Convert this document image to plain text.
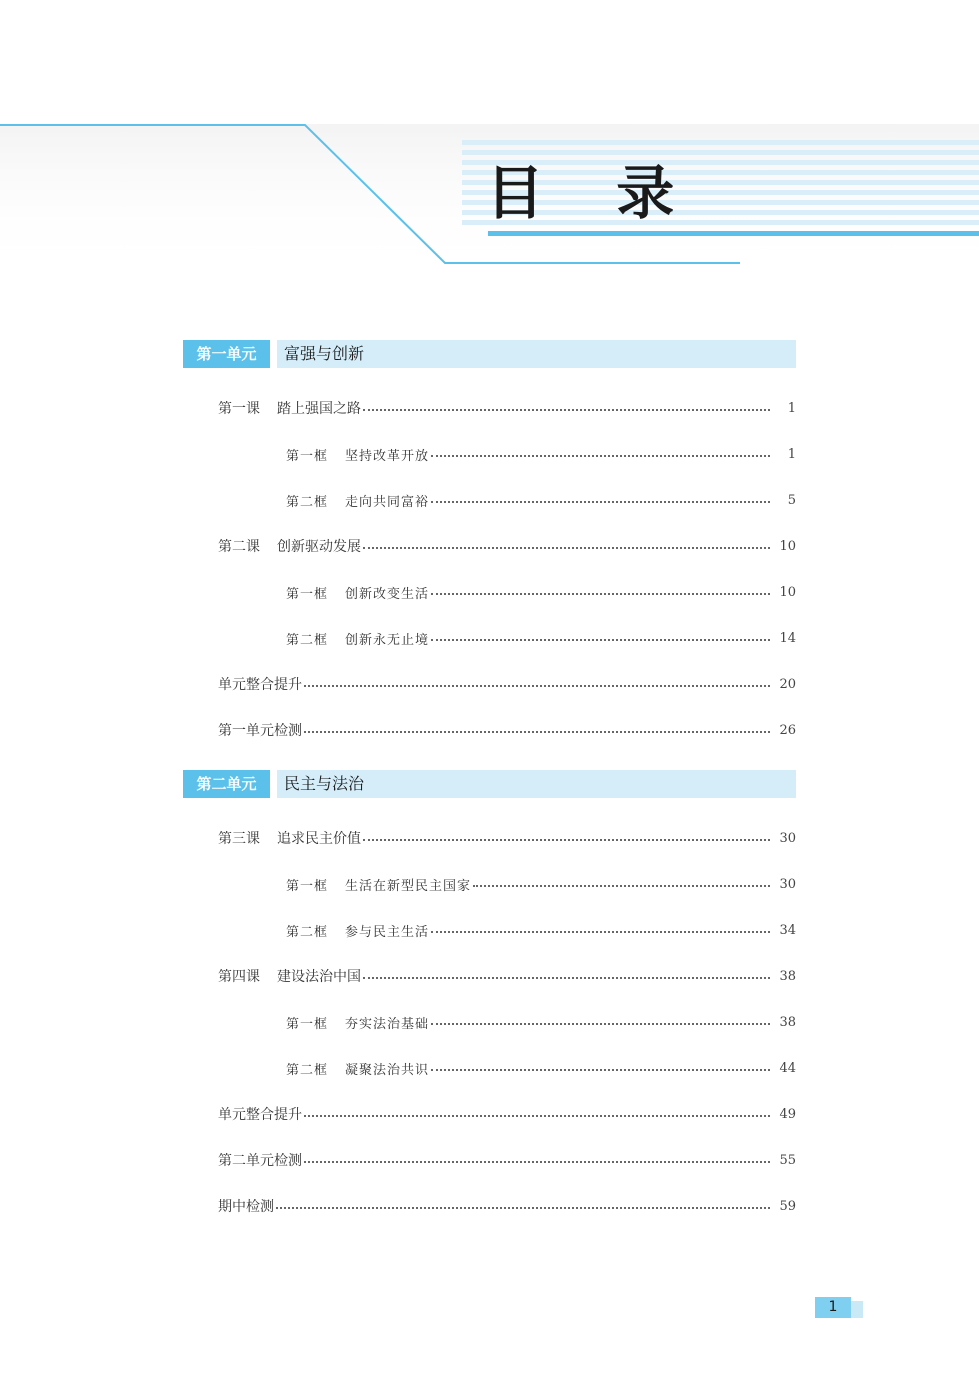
目 录
第一单元	富强与创新
第一课 踏上强国之路	1
第一框 坚持改革开放	1
第二框 走向共同富裕	5
第二课 创新驱动发展	10
第一框 创新改变生活	10
第二框 创新永无止境	14
单元整合提升	20
第一单元检测	26
第二单元	民主与法治
第三课 追求民主价值	30
第一框 生活在新型民主国家	30
第二框 参与民主生活	34
第四课 建设法治中国	38
第一框 夯实法治基础	38
第二框 凝聚法治共识	44
单元整合提升	49
第二单元检测	55
期中检测	59
1
